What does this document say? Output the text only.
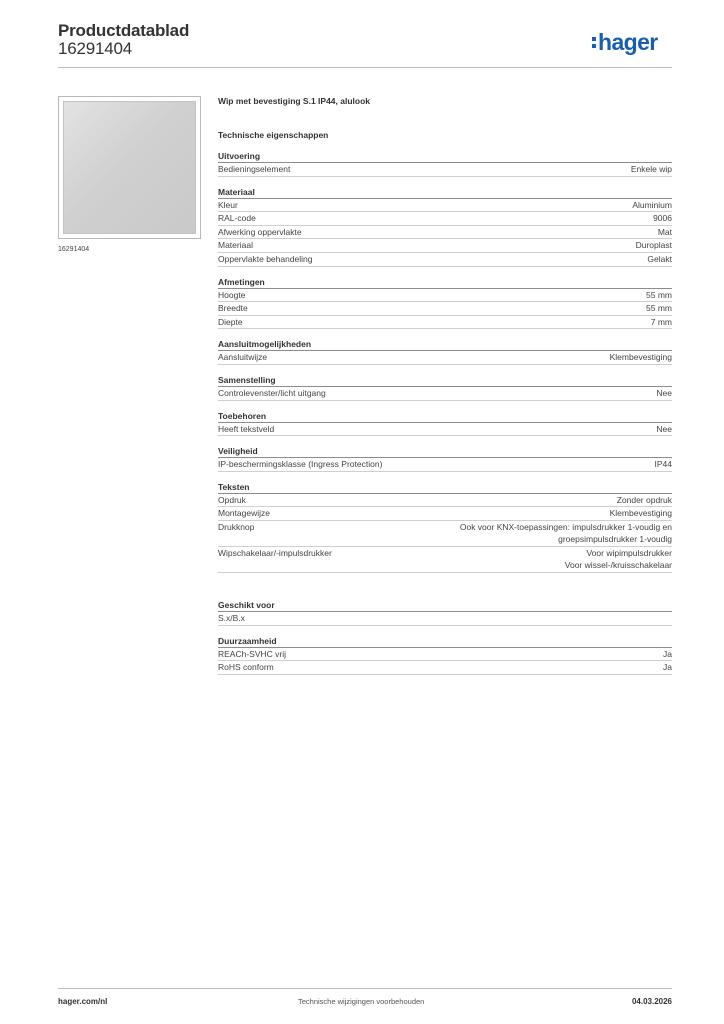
Productdatablad
16291404	hager
16291404
Wip met bevestiging S.1 IP44, alulook
Technische eigenschappen
Uitvoering
Bedieningselement	Enkele wip
Materiaal
Kleur	Aluminium
RAL-code	9006
Afwerking oppervlakte	Mat
Materiaal	Duroplast
Oppervlakte behandeling	Gelakt
Afmetingen
Hoogte	55 mm
Breedte	55 mm
Diepte	7 mm
Aansluitmogelijkheden
Aansluitwijze	Klembevestiging
Samenstelling
Controlevenster/licht uitgang	Nee
Toebehoren
Heeft tekstveld	Nee
Veiligheid
IP-beschermingsklasse (Ingress Protection)	IP44
Teksten
Opdruk	Zonder opdruk
Montagewijze	Klembevestiging
Drukknop	Ook voor KNX-toepassingen: impulsdrukker 1-voudig en
groepsimpulsdrukker 1-voudig
Wipschakelaar/-impulsdrukker	Voor wipimpulsdrukker
Voor wissel-/kruisschakelaar
Geschikt voor
S.x/B.x
Duurzaamheid
REACh-SVHC vrij	Ja
RoHS conform	Ja
hager.com/nl	Technische wijzigingen voorbehouden	04.03.2026
